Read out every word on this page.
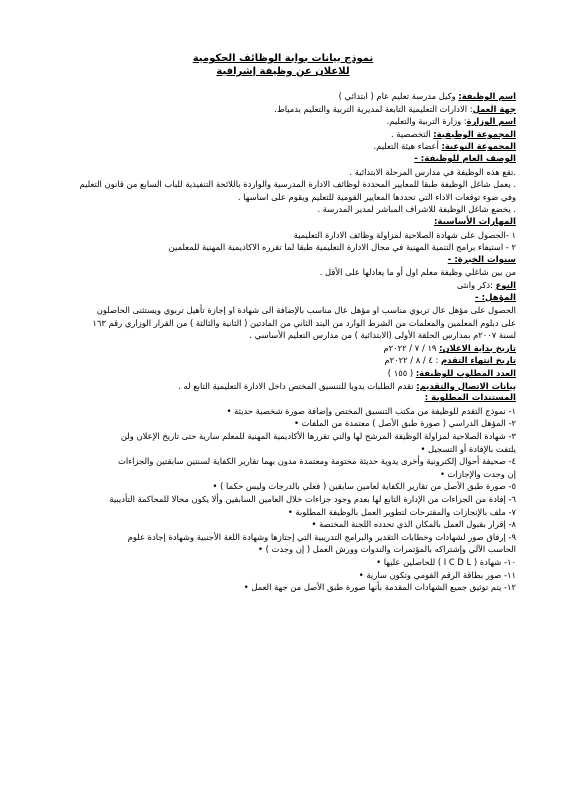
نموذج بيانات بوابة الوظائف الحكومية
للاعلان عن وظيفة إشرافية
اسم الوظيفة: وكيل مدرسة تعليم عام ( ابتدائي )
جهة العمل: الادارات التعليمية التابعة لمديرية التربية والتعليم بدمياط.
اسم الوزارة: وزارة التربية والتعليم.
المجموعة الوظيفية: التخصصية .
المجموعة النوعية: أعضاء هيئة التعليم.
الوصف العام للوظيفة: -
.تقع هذه الوظيفة في مدارس المرحلة الابتدائية .
. يعمل شاغل الوظيفة طبقا للمعايير المحددة لوظائف الادارة المدرسية والواردة باللائحة التنفيذية للباب السابع من قانون التعليم
وفي ضوء توقعات الاداء التي تحددها المعايير القومية للتعليم ويقوم على اساسها .
. يخضع شاغل الوظيفة للاشراف المباشر لمدير المدرسة .
المهارات الأساسية:
١ -الحصول على شهادة الصلاحية لمزاولة وظائف الادارة التعليمية
٢ - استيفاء برامج التنمية المهنية في مجال الادارة التعليمية طبقا لما تقرره الاكاديمية المهنية للمعلمين
سنوات الخبرة: -
من بين شاغلي وظيفة معلم اول أو ما يعادلها على الأقل .
النوع :ذكر وانثى
المؤهل: -
الحصول على مؤهل عال تربوي مناسب او مؤهل عال مناسب بالإضافة الى شهادة او إجازة تأهيل تربوي ويستثنى الحاصلون
على دبلوم المعلمين والمعلمات من الشرط الوارد من البند الثاني من المادتين ( الثانية والثالثة ) من القرار الوزاري رقم ١٦٣
لسنة ٢٠٠٧م بمدارس الحلقة الأولى (الابتدائية ) من مدارس التعليم الأساسي .
تاريخ بداية الاعلان: ١٩ / ٧ / ٢٠٢٢م
تاريخ انتهاء التقدم : ٤ / ٨ / ٢٠٢٢م
العدد المطلوب للوظيفة: ( ١٥٥ )
بيانات الاتصال والتقديم: تقدم الطلبات يدويا للتنسيق المختص داخل الادارة التعليمية التابع له .
المستندات المطلوبة :
١- نموذج التقدم للوظيفة من مكتب التنسيق المختص وإضافة صورة شخصية حديثة •
٢- المؤهل الدراسي ( صورة طبق الأصل ) معتمدة من الملفات •
٣- شهادة الصلاحية لمزاولة الوظيفة المرشح لها والتي تقررها الأكاديمية المهنية للمعلم سارية حتى تاريخ الإعلان ولن
يلتفت بالإفادة أو التسجيل •
٤- صحيفة أحوال إلكترونية وأخرى يدوية حديثة مختومة ومعتمدة مدون بهما تقارير الكفاية لسنتين سابقتين والجزاءات
إن وجدت والإجازات •
٥- صورة طبق الأصل من تقارير الكفاية لعامين سابقين ( فعلي بالدرجات وليس حكما ) •
٦- إفادة من الجزاءات من الإدارة التابع لها بعدم وجود جزاءات خلال العامين السابقين وألا يكون محالا للمحاكمة التأديبية
٧- ملف بالإنجازات والمقترحات لتطوير العمل بالوظيفة المطلوبة •
٨- إقرار بقبول العمل بالمكان الذي تحدده اللجنة المختصة •
٩- إرفاق صور لشهادات وخطابات التقدير والبرامج التدريبية التي إجتازها وشهادة اللغة الأجنبية وشهادة إجادة علوم
الحاسب الآلي وإشتراكه بالمؤتمرات والندوات وورش العمل ( إن وجدت ) •
١٠- شهادة ( I C D L ) للحاصلين عليها •
١١- صور بطاقة الرقم القومي وتكون سارية •
١٢- يتم توثيق جميع الشهادات المقدمة بأنها صورة طبق الأصل من جهة العمل •
